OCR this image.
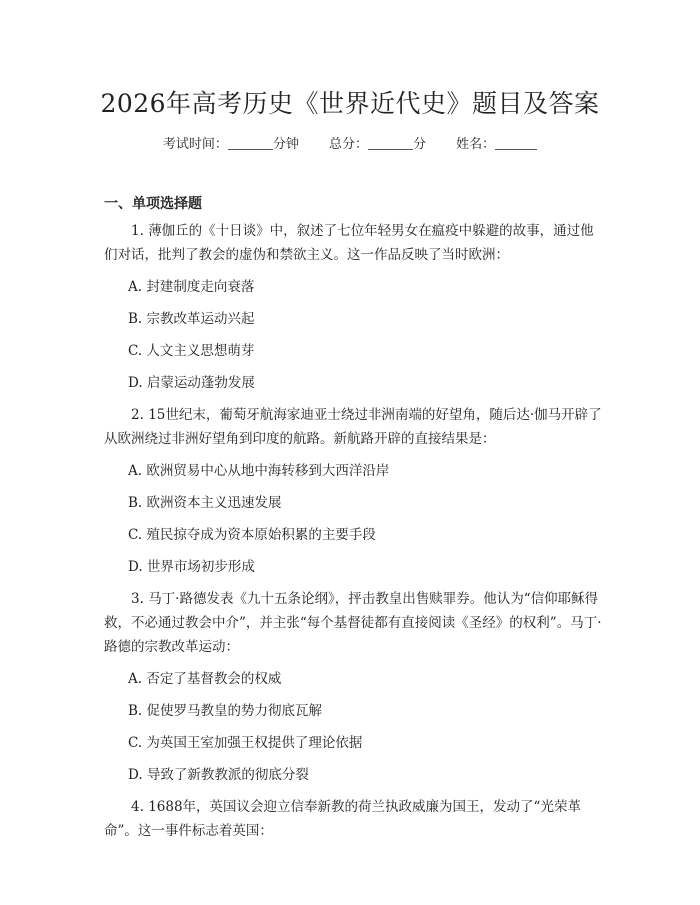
2026年高考历史《世界近代史》题目及答案
考试时间：	分钟 总分：	分 姓名：
一、单项选择题

1. 薄伽丘的《十日谈》中，叙述了七位年轻男女在瘟疫中躲避的故事，通过他们对话，批判了教会的虚伪和禁欲主义。这一作品反映了当时欧洲：

A. 封建制度走向衰落
B. 宗教改革运动兴起
C. 人文主义思想萌芽
D. 启蒙运动蓬勃发展

2. 15世纪末，葡萄牙航海家迪亚士绕过非洲南端的好望角，随后达·伽马开辟了从欧洲绕过非洲好望角到印度的航路。新航路开辟的直接结果是：

A. 欧洲贸易中心从地中海转移到大西洋沿岸
B. 欧洲资本主义迅速发展
C. 殖民掠夺成为资本原始积累的主要手段
D. 世界市场初步形成

3. 马丁·路德发表《九十五条论纲》，抨击教皇出售赎罪券。他认为“信仰耶稣得救，不必通过教会中介”，并主张“每个基督徒都有直接阅读《圣经》的权利”。马丁·路德的宗教改革运动：

A. 否定了基督教会的权威
B. 促使罗马教皇的势力彻底瓦解
C. 为英国王室加强王权提供了理论依据
D. 导致了新教教派的彻底分裂

4. 1688年，英国议会迎立信奉新教的荷兰执政威廉为国王，发动了“光荣革命”。这一事件标志着英国：
